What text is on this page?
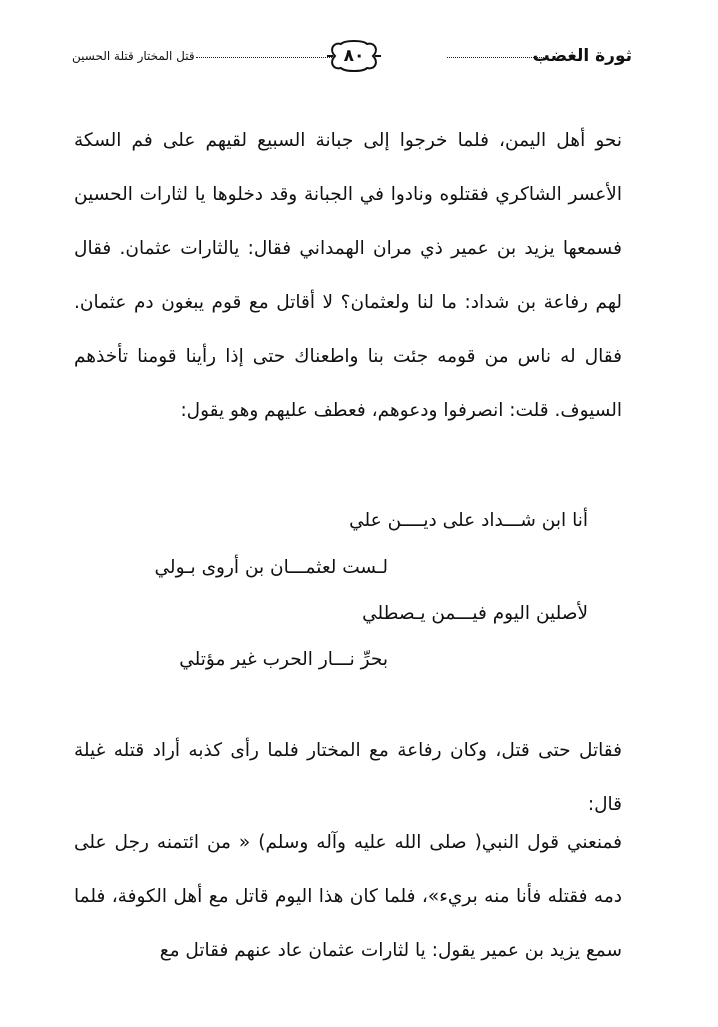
ثورة الغضب
٨٠
قتل المختار قتلة الحسين
نحو أهل اليمن، فلما خرجوا إلى جبانة السبيع لقيهم على فم السكة الأعسر الشاكري فقتلوه ونادوا في الجبانة وقد دخلوها يا لثارات الحسين فسمعها يزيد بن عمير ذي مران الهمداني فقال: يالثارات عثمان. فقال لهم رفاعة بن شداد: ما لنا ولعثمان؟ لا أقاتل مع قوم يبغون دم عثمان. فقال له ناس من قومه جئت بنا واطعناك حتى إذا رأينا قومنا تأخذهم السيوف. قلت: انصرفوا ودعوهم، فعطف عليهم وهو يقول:
أنا ابن شـــداد على ديــــن علي
لـست لعثمـــان بن أروى بـولي
لأصلين اليوم فيـــمن يـصطلي
بحرِّ نـــار الحرب غير مؤتلي
فقاتل حتى قتل، وكان رفاعة مع المختار فلما رأى كذبه أراد قتله غيلة قال:
فمنعني قول النبي( صلى الله عليه وآله وسلم) « من ائتمنه رجل على دمه فقتله فأنا منه بريء»، فلما كان هذا اليوم قاتل مع أهل الكوفة، فلما سمع يزيد بن عمير يقول: يا لثارات عثمان عاد عنهم فقاتل مع
